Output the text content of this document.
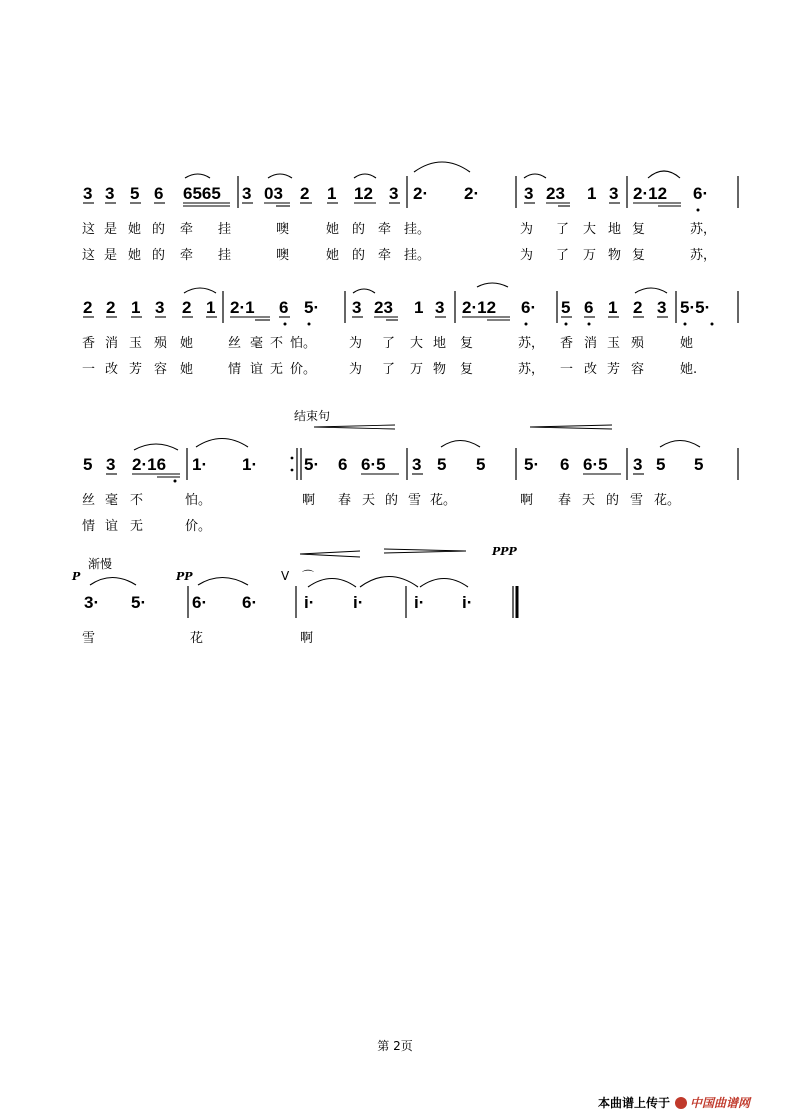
3 3 5 6 6565 3 03 2 1 12 3 2· 2·	3 23 1 3 2·12 6·
这 是 她 的 牵 挂	噢	她 的 牵 挂。	为 了 大 地 复	苏，
这 是 她 的 牵 挂	噢	她 的 牵 挂。	为 了 万 物 复	苏，
2 2 1 3 2 1 2·1 6 5· 3 23 1 3 2·12 6· 5 6 1 2 3 5·5·
香 消 玉 殒 她	丝 毫 不 怕。	为 了 大 地 复	苏， 香 消 玉 殒	她
一 改 芳 容 她	情 谊 无 价。	为 了 万 物 复	苏， 一 改 芳 容	她.
结束句
5 3 2·16 1· 1·	5· 6 6·5 3 5 5 5· 6 6·5 3 5 5
丝 毫 不	怕。	啊 春 天 的 雪 花。	啊 春 天 的 雪 花。
情 谊 无	价。
渐慢
P	PP
PPP
V ⌒
3· 5·	6· 6·	i· i·	i· i·
雪	花	啊
第 2页
本曲谱上传于 中国曲谱网
